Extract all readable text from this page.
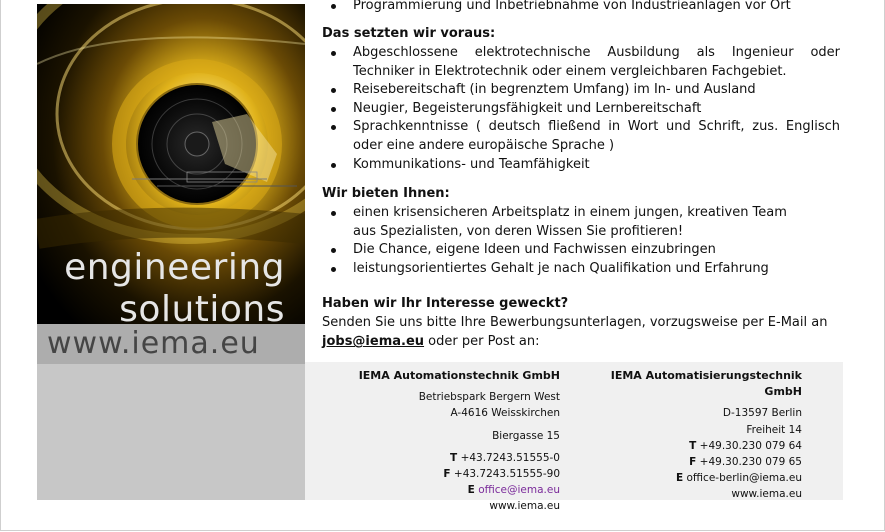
engineering
solutions
www.iema.eu
Programmierung und Inbetriebnahme von Industrieanlagen vor Ort
Das setzten wir voraus:
Abgeschlossene elektrotechnische Ausbildung als Ingenieur oder Techniker in Elektrotechnik oder einem vergleichbaren Fachgebiet.
Reisebereitschaft (in begrenztem Umfang) im In- und Ausland
Neugier, Begeisterungsfähigkeit und Lernbereitschaft
Sprachkenntnisse ( deutsch fließend in Wort und Schrift, zus. Englisch oder eine andere europäische Sprache )
Kommunikations- und Teamfähigkeit
Wir bieten Ihnen:
einen krisensicheren Arbeitsplatz in einem jungen, kreativen Team
aus Spezialisten, von deren Wissen Sie profitieren!
Die Chance, eigene Ideen und Fachwissen einzubringen
leistungsorientiertes Gehalt je nach Qualifikation und Erfahrung
Haben wir Ihr Interesse geweckt?
Senden Sie uns bitte Ihre Bewerbungsunterlagen, vorzugsweise per E-Mail an
jobs@iema.eu oder per Post an:
IEMA Automationstechnik GmbH
Betriebspark Bergern West
A-4616 Weisskirchen
Biergasse 15
T +43.7243.51555-0
F +43.7243.51555-90
E office@iema.eu
www.iema.eu
IEMA Automatisierungstechnik GmbH
D-13597 Berlin
Freiheit 14
T +49.30.230 079 64
F +49.30.230 079 65
E office-berlin@iema.eu
www.iema.eu
